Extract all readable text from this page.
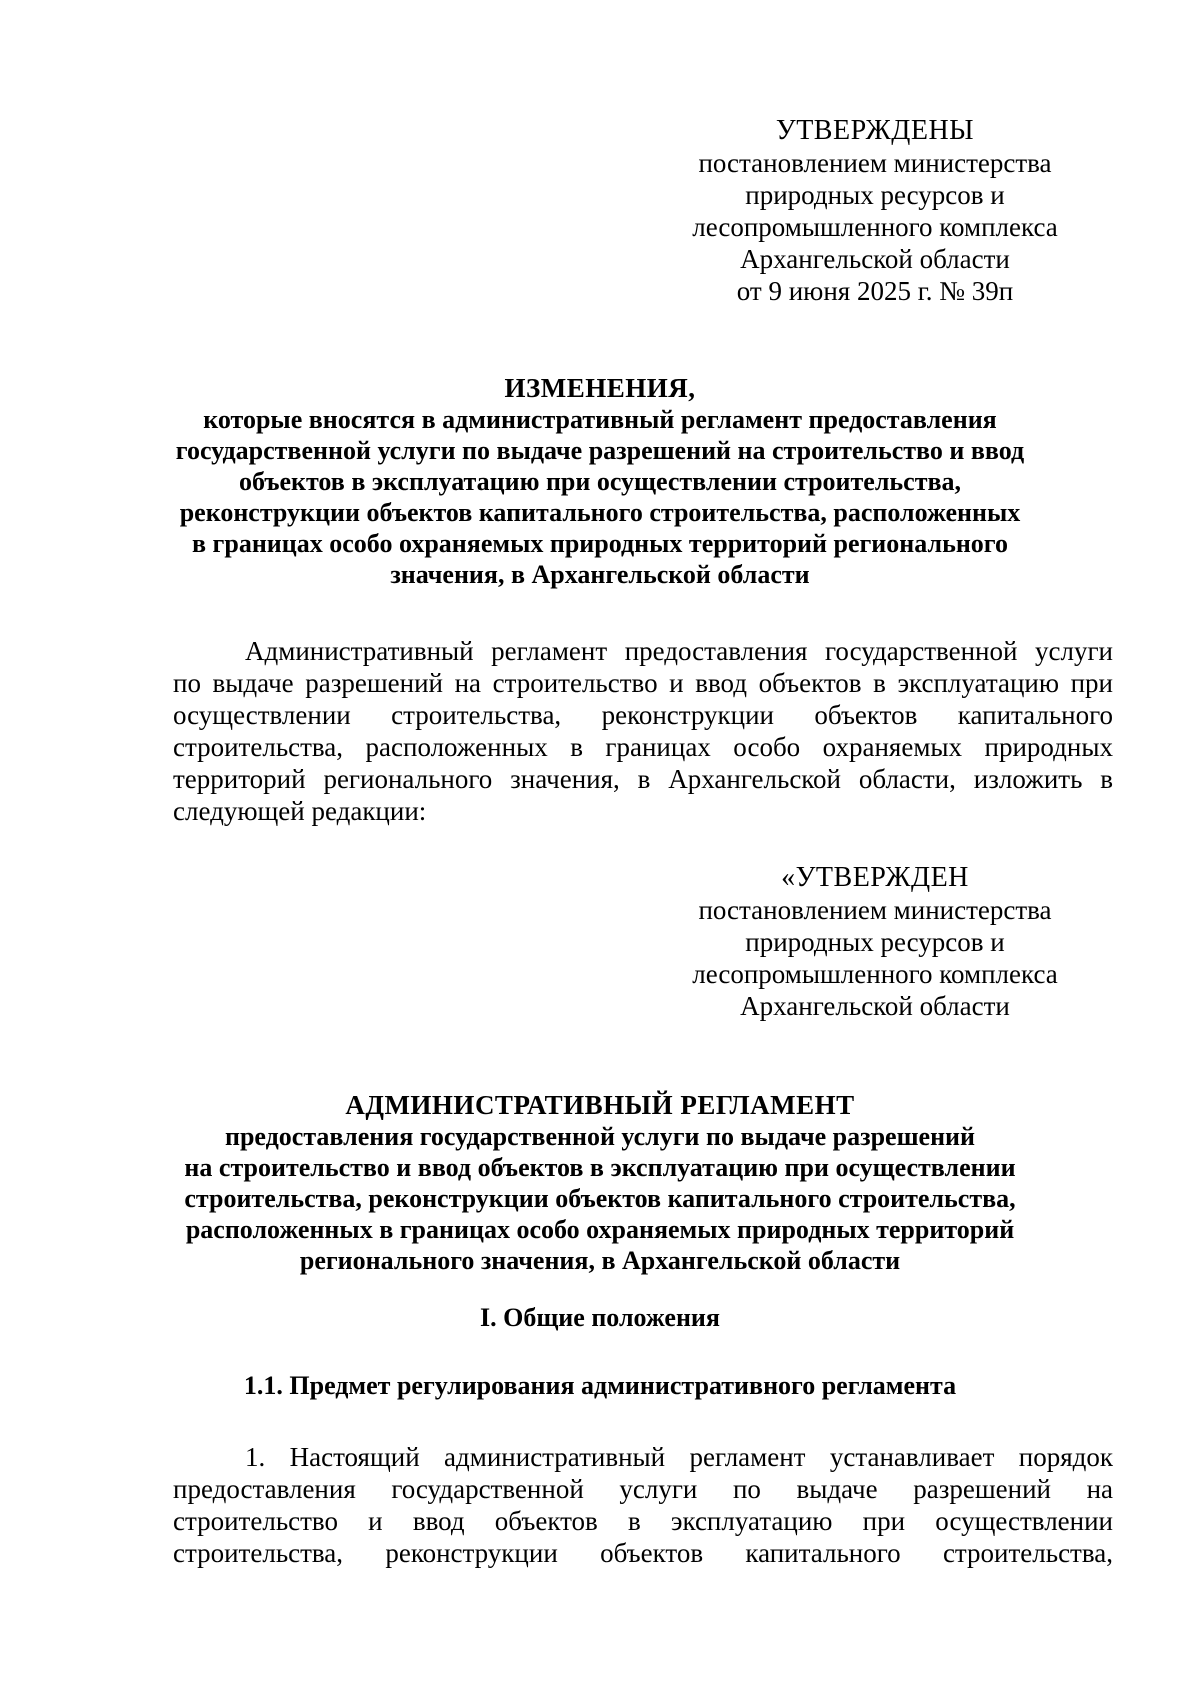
УТВЕРЖДЕНЫ
постановлением министерства
природных ресурсов и
лесопромышленного комплекса
Архангельской области
от 9 июня 2025 г. № 39п
ИЗМЕНЕНИЯ,
которые вносятся в административный регламент предоставления
государственной услуги по выдаче разрешений на строительство и ввод
объектов в эксплуатацию при осуществлении строительства,
реконструкции объектов капитального строительства, расположенных
в границах особо охраняемых природных территорий регионального
значения, в Архангельской области
Административный регламент предоставления государственной услуги
по выдаче разрешений на строительство и ввод объектов в эксплуатацию при
осуществлении строительства, реконструкции объектов капитального
строительства, расположенных в границах особо охраняемых природных
территорий регионального значения, в Архангельской области, изложить в
следующей редакции:
«УТВЕРЖДЕН
постановлением министерства
природных ресурсов и
лесопромышленного комплекса
Архангельской области
АДМИНИСТРАТИВНЫЙ РЕГЛАМЕНТ
предоставления государственной услуги по выдаче разрешений
на строительство и ввод объектов в эксплуатацию при осуществлении
строительства, реконструкции объектов капитального строительства,
расположенных в границах особо охраняемых природных территорий
регионального значения, в Архангельской области
I. Общие положения
1.1. Предмет регулирования административного регламента
1. Настоящий административный регламент устанавливает порядок
предоставления государственной услуги по выдаче разрешений на
строительство и ввод объектов в эксплуатацию при осуществлении
строительства, реконструкции объектов капитального строительства,
